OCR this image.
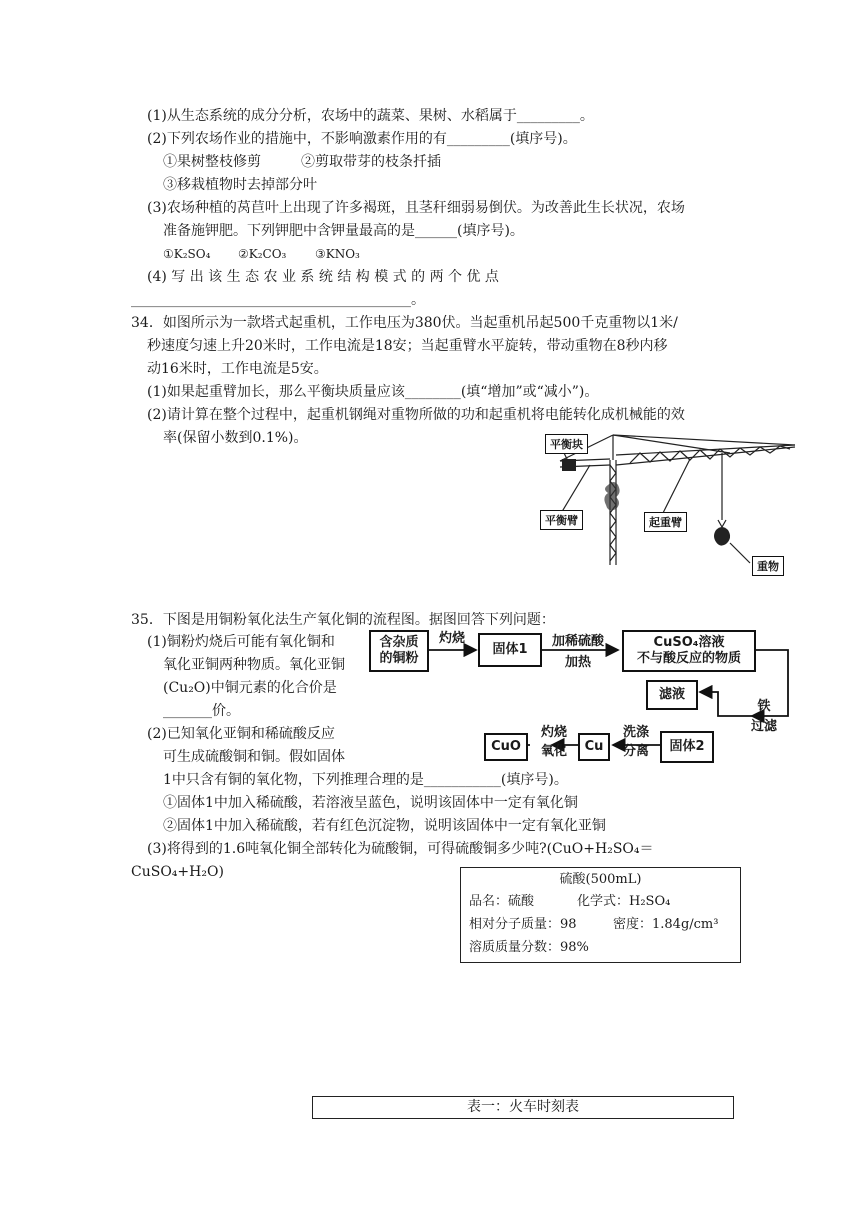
(1)从生态系统的成分分析，农场中的蔬菜、果树、水稻属于_________。
(2)下列农场作业的措施中，不影响激素作用的有_________(填序号)。
①果树整枝修剪	②剪取带芽的枝条扦插
③移栽植物时去掉部分叶
(3)农场种植的莴苣叶上出现了许多褐斑，且茎秆细弱易倒伏。为改善此生长状况，农场
准备施钾肥。下列钾肥中含钾量最高的是______(填序号)。
①K₂SO₄ ②K₂CO₃ ③KNO₃
(4) 写 出 该 生 态 农 业 系 统 结 构 模 式 的 两 个 优 点
________________________________________。
34．如图所示为一款塔式起重机，工作电压为380伏。当起重机吊起500千克重物以1米/
秒速度匀速上升20米时，工作电流是18安；当起重臂水平旋转，带动重物在8秒内移
动16米时，工作电流是5安。
(1)如果起重臂加长，那么平衡块质量应该________(填“增加”或“减小”)。
(2)请计算在整个过程中，起重机钢绳对重物所做的功和起重机将电能转化成机械能的效
率(保留小数到0.1%)。	平衡块
平衡臂	起重臂
重物
35．下图是用铜粉氧化法生产氧化铜的流程图。据图回答下列问题：
(1)铜粉灼烧后可能有氧化铜和
氧化亚铜两种物质。氧化亚铜
(Cu₂O)中铜元素的化合价是
_______价。
(2)已知氧化亚铜和稀硫酸反应
可生成硫酸铜和铜。假如固体
1中只含有铜的氧化物，下列推理合理的是___________(填序号)。
①固体1中加入稀硫酸，若溶液呈蓝色，说明该固体中一定有氧化铜
②固体1中加入稀硫酸，若有红色沉淀物，说明该固体中一定有氧化亚铜
(3)将得到的1.6吨氧化铜全部转化为硫酸铜，可得硫酸铜多少吨?(CuO+H₂SO₄＝
CuSO₄+H₂O)
含杂质
的铜粉
灼烧
固体1
加稀硫酸
加热
CuSO₄溶液
不与酸反应的物质
滤液
铁
过滤
固体2
洗涤
分离
Cu
灼烧
氧化
CuO
硫酸(500mL)
品名：硫酸	化学式：H₂SO₄
相对分子质量：98	密度：1.84g/cm³
溶质质量分数：98%
表一：火车时刻表
